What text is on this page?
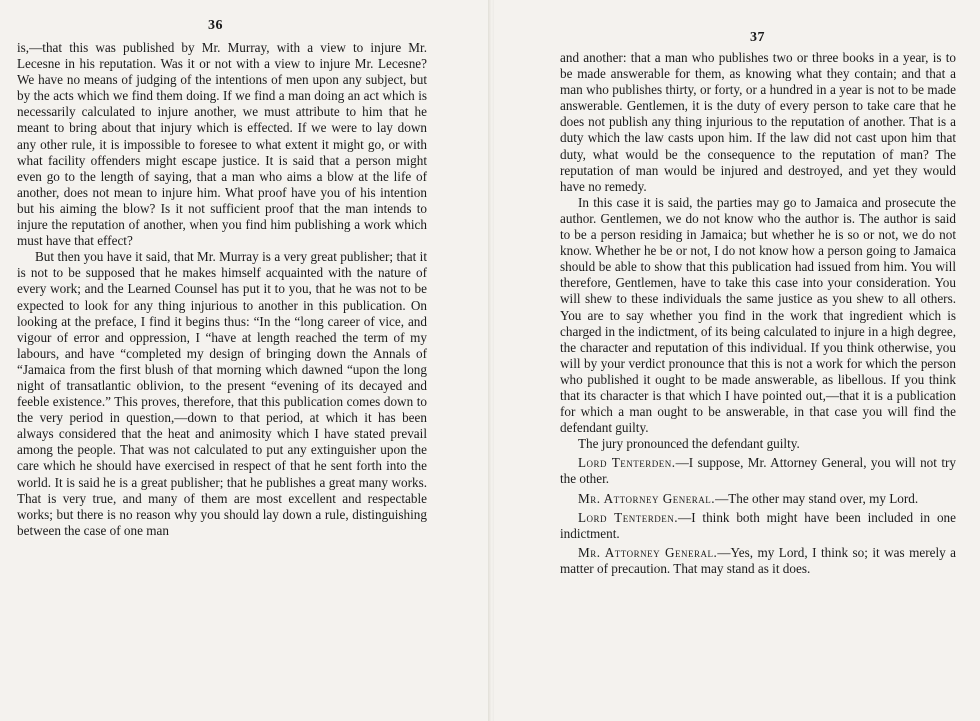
36

is,—that this was published by Mr. Murray, with a view to injure Mr. Lecesne in his reputation. Was it or not with a view to injure Mr. Lecesne? We have no means of judging of the intentions of men upon any subject, but by the acts which we find them doing. If we find a man doing an act which is necessarily calculated to injure another, we must attribute to him that he meant to bring about that injury which is effected. If we were to lay down any other rule, it is impossible to foresee to what extent it might go, or with what facility offenders might escape justice. It is said that a person might even go to the length of saying, that a man who aims a blow at the life of another, does not mean to injure him. What proof have you of his intention but his aiming the blow? Is it not sufficient proof that the man intends to injure the reputation of another, when you find him publishing a work which must have that effect?

But then you have it said, that Mr. Murray is a very great publisher; that it is not to be supposed that he makes himself acquainted with the nature of every work; and the Learned Counsel has put it to you, that he was not to be expected to look for any thing injurious to another in this publication. On looking at the preface, I find it begins thus: “In the “long career of vice, and vigour of error and oppression, I “have at length reached the term of my labours, and have “completed my design of bringing down the Annals of “Jamaica from the first blush of that morning which dawned “upon the long night of transatlantic oblivion, to the present “evening of its decayed and feeble existence.” This proves, therefore, that this publication comes down to the very period in question,—down to that period, at which it has been always considered that the heat and animosity which I have stated prevail among the people. That was not calculated to put any extinguisher upon the care which he should have exercised in respect of that he sent forth into the world. It is said he is a great publisher; that he publishes a great many works. That is very true, and many of them are most excellent and respectable works; but there is no reason why you should lay down a rule, distinguishing between the case of one man

37

and another: that a man who publishes two or three books in a year, is to be made answerable for them, as knowing what they contain; and that a man who publishes thirty, or forty, or a hundred in a year is not to be made answerable. Gentlemen, it is the duty of every person to take care that he does not publish any thing injurious to the reputation of another. That is a duty which the law casts upon him. If the law did not cast upon him that duty, what would be the consequence to the reputation of man? The reputation of man would be injured and destroyed, and yet they would have no remedy.

In this case it is said, the parties may go to Jamaica and prosecute the author. Gentlemen, we do not know who the author is. The author is said to be a person residing in Jamaica; but whether he is so or not, we do not know. Whether he be or not, I do not know how a person going to Jamaica should be able to show that this publication had issued from him. You will therefore, Gentlemen, have to take this case into your consideration. You will shew to these individuals the same justice as you shew to all others. You are to say whether you find in the work that ingredient which is charged in the indictment, of its being calculated to injure in a high degree, the character and reputation of this individual. If you think otherwise, you will by your verdict pronounce that this is not a work for which the person who published it ought to be made answerable, as libellous. If you think that its character is that which I have pointed out,—that it is a publication for which a man ought to be answerable, in that case you will find the defendant guilty.

The jury pronounced the defendant guilty.

Lord Tenterden.—I suppose, Mr. Attorney General, you will not try the other.

Mr. Attorney General.—The other may stand over, my Lord.

Lord Tenterden.—I think both might have been included in one indictment.

Mr. Attorney General.—Yes, my Lord, I think so; it was merely a matter of precaution. That may stand as it does.
